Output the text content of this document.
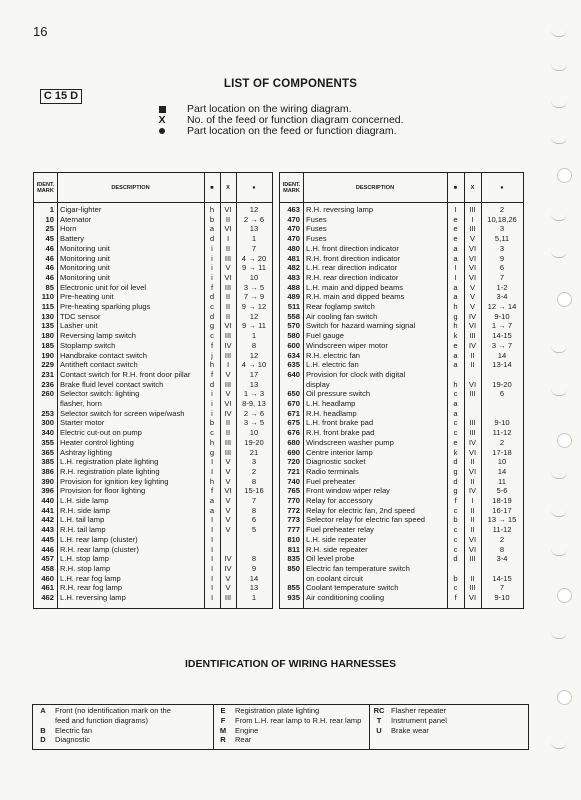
16
LIST OF COMPONENTS
C 15 D
Part location on the wiring diagram.
X No. of the feed or function diagram concerned.
Part location on the feed or function diagram.
IDENT.
MARK	DESCRIPTION	■	X	●
1 Cigar-lighter	h	VI	12
10 Aternator	b	II	2 → 6
25 Horn	a	VI	13
45 Battery	d	I	1
46 Monitoring unit	i	II	7
46 Monitoring unit	i	III	4 → 20
46 Monitoring unit	i	V	9 → 11
46 Monitoring unit	i	VI	10
85 Electronic unit for oil level	f	III	3 → 5
110 Pre-heating unit	d	II	7 → 9
115 Pre-heating sparking plugs	c	II	9 → 12
130 TDC sensor	d	II	12
135 Lasher unit	g	VI	9 → 11
180 Reversing lamp switch	c	III	1
185 Stoplamp switch	f	IV	8
190 Handbrake contact switch	j	III	12
229 Antitheft contact switch	h	I	4 → 10
231 Contact switch for R.H. front door pillar	f	V	17
236 Brake fluid level contact switch	d	III	13
260 Selector switch: lighting	i	V	1 → 3
flasher, horn	i	VI	8-9, 13
253 Selector switch for screen wipe/wash	i	IV	2 → 6
300 Starter motor	b	II	3 → 5
340 Electric cut-out on pump	c	II	10
355 Heater control lighting	h	III	19-20
365 Ashtray lighting	g	III	21
385 L.H. registration plate lighting	I	V	3
386 R.H. registration plate lighting	I	V	2
390 Provision for ignition key lighting	h	V	8
396 Provision for floor lighting	f	VI	15-16
440 L.H. side lamp	a	V	7
441 R.H. side lamp	a	V	8
442 L.H. tail lamp	I	V	6
443 R.H. tail lamp	I	V	5
445 L.H. rear lamp (cluster)	I
446 R.H. rear lamp (cluster)	I
457 L.H. stop lamp	I	IV	8
458 R.H. stop lamp	I	IV	9
460 L.H. rear fog lamp	I	V	14
461 R.H. rear fog lamp	I	V	13
462 L.H. reversing lamp	I	III	1
IDENT.
MARK	DESCRIPTION	■	X	●
463 R.H. reversing lamp	I	III	2
470 Fuses	e	I	10,18,26
470 Fuses	e	III	3
470 Fuses	e	V	5,11
480 L.H. front direction indicator	a	VI	3
481 R.H. front direction indicator	a	VI	9
482 L.H. rear direction indicator	I	VI	6
483 R.H. rear direction indicator	I	VI	7
488 L.H. main and dipped beams	a	V	1-2
489 R.H. main and dipped beams	a	V	3-4
511 Rear foglamp switch	h	V	12 → 14
558 Air cooling fan switch	g	IV	9-10
570 Switch for hazard warning signal	h	VI	1 → 7
580 Fuel gauge	k	III	14-15
600 Windscreen wiper motor	e	IV	3 → 7
634 R.H. electric fan	a	II	14
635 L.H. electric fan	a	II	13-14
640 Provision for clock with digital
display	h	VI	19-20
650 Oil pressure switch	c	III	6
670 L.H. headlamp	a
671 R.H. headlamp	a
675 L.H. front brake pad	c	III	9-10
676 R.H. front brake pad	c	III	11-12
680 Windscreen washer pump	e	IV	2
690 Centre interior lamp	k	VI	17-18
720 Diagnostic socket	d	II	10
721 Radio terminals	g	VI	14
740 Fuel preheater	d	II	11
765 Front window wiper relay	g	IV	5-6
770 Relay for accessory	f	I	18-19
772 Relay for electric fan, 2nd speed	c	II	16-17
773 Selector relay for electric fan speed	b	II	13 → 15
777 Fuel preheater relay	c	II	11-12
810 L.H. side repeater	c	VI	2
811 R.H. side repeater	c	VI	8
835 Oil level probe	d	III	3-4
850 Electric fan temperature switch
on coolant circuit	b	II	14-15
855 Coolant temperature switch	c	III	7
935 Air conditioning cooling	f	VI	9-10
IDENTIFICATION OF WIRING HARNESSES
A	Front (no identification mark on the
feed and function diagrams)
B	Electric fan
D	Diagnostic
E	Registration plate lighting
F	From L.H. rear lamp to R.H. rear lamp
M	Engine
R	Rear
RC Flasher repeater
T	Instrument panel
U	Brake wear
